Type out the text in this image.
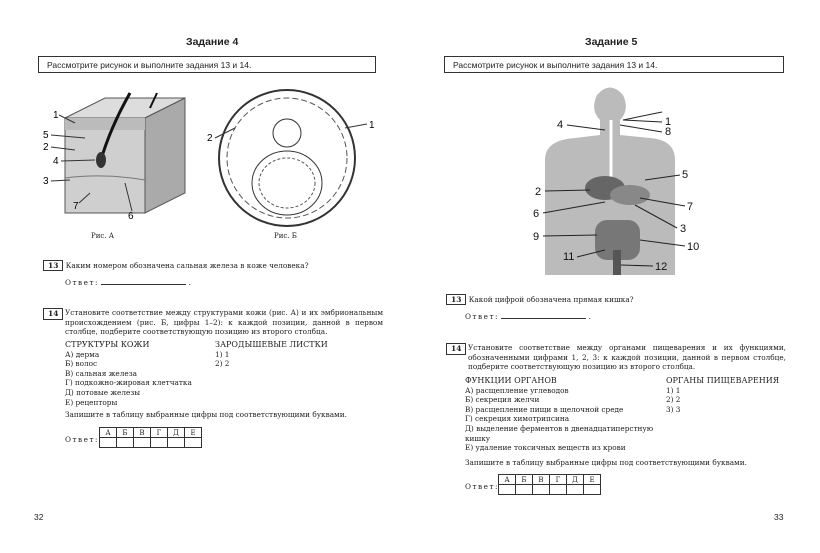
Задание 4
Рассмотрите рисунок и выполните задания 13 и 14.
1
5
2
4
3
7
6
Рис. А
2
1
Рис. Б
13 Каким номером обозначена сальная железа в коже человека?
Ответ:	.
14 Установите соответствие между структурами кожи (рис. А) и их эмбриональным происхождением (рис. Б, цифры 1–2): к каждой позиции, данной в первом столбце, подберите соответствующую позицию из второго столбца.
СТРУКТУРЫ КОЖИ
А) дерма
Б) волос
В) сальная железа
Г) подкожно-жировая клетчатка
Д) потовые железы
Е) рецепторы
ЗАРОДЫШЕВЫЕ ЛИСТКИ
1) 1
2) 2
Запишите в таблицу выбранные цифры под соответствующими буквами.
Ответ:
А	Б	В	Г	Д	Е

32
Задание 5
Рассмотрите рисунок и выполните задания 13 и 14.
1
4
8
5
2
7
6
3
9
10
11
12
13 Какой цифрой обозначена прямая кишка?
Ответ:	.
14 Установите соответствие между органами пищеварения и их функциями, обозначенными цифрами 1, 2, 3: к каждой позиции, данной в первом столбце, подберите соответствующую позицию из второго столбца.
ФУНКЦИИ ОРГАНОВ
А) расщепление углеводов
Б) секреция желчи
В) расщепление пищи в щелочной среде
Г) секреция химотрипсина
Д) выделение ферментов в двенадцатиперстную кишку
Е) удаление токсичных веществ из крови
ОРГАНЫ ПИЩЕВАРЕНИЯ
1) 1
2) 2
3) 3
Запишите в таблицу выбранные цифры под соответствующими буквами.
Ответ:
А	Б	В	Г	Д	Е

33
